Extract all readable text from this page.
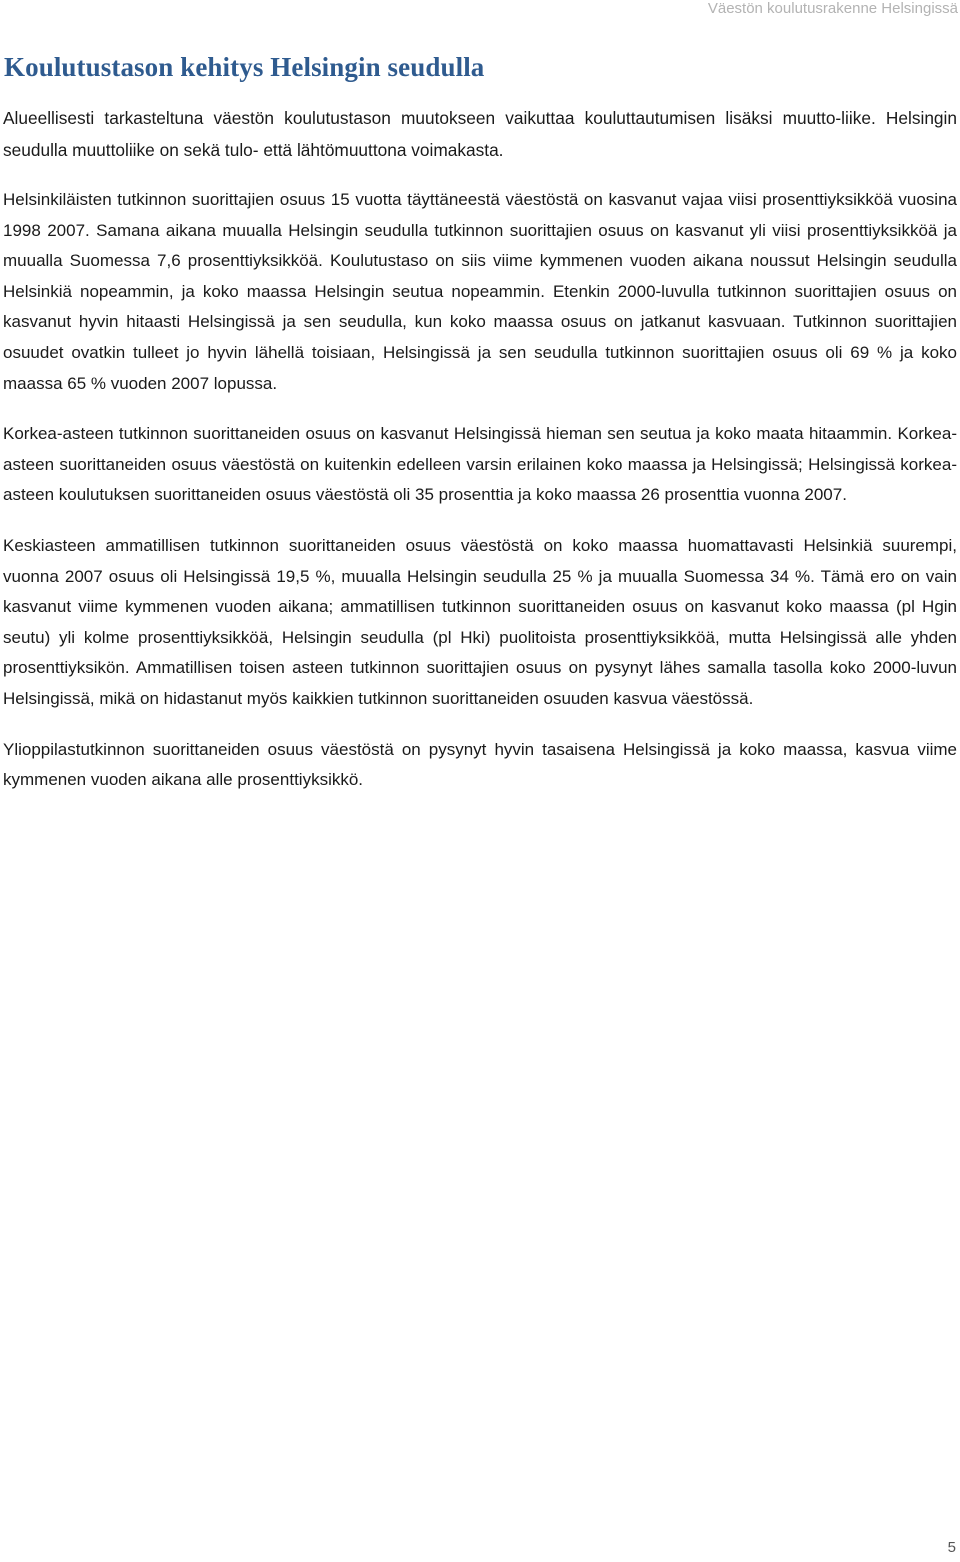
Väestön koulutusrakenne Helsingissä
Koulutustason kehitys Helsingin seudulla

Alueellisesti tarkasteltuna väestön koulutustason muutokseen vaikuttaa kouluttautumisen lisäksi muutto-liike. Helsingin seudulla muuttoliike on sekä tulo- että lähtömuuttona voimakasta.

Helsinkiläisten tutkinnon suorittajien osuus 15 vuotta täyttäneestä väestöstä on kasvanut vajaa viisi prosenttiyksikköä vuosina 1998 2007. Samana aikana muualla Helsingin seudulla tutkinnon suorittajien osuus on kasvanut yli viisi prosenttiyksikköä ja muualla Suomessa 7,6 prosenttiyksikköä. Koulutustaso on siis viime kymmenen vuoden aikana noussut Helsingin seudulla Helsinkiä nopeammin, ja koko maassa Helsingin seutua nopeammin. Etenkin 2000-luvulla tutkinnon suorittajien osuus on kasvanut hyvin hitaasti Helsingissä ja sen seudulla, kun koko maassa osuus on jatkanut kasvuaan. Tutkinnon suorittajien osuudet ovatkin tulleet jo hyvin lähellä toisiaan, Helsingissä ja sen seudulla tutkinnon suorittajien osuus oli 69 % ja koko maassa 65 % vuoden 2007 lopussa.

Korkea-asteen tutkinnon suorittaneiden osuus on kasvanut Helsingissä hieman sen seutua ja koko maata hitaammin. Korkea-asteen suorittaneiden osuus väestöstä on kuitenkin edelleen varsin erilainen koko maassa ja Helsingissä; Helsingissä korkea-asteen koulutuksen suorittaneiden osuus väestöstä oli 35 prosenttia ja koko maassa 26 prosenttia vuonna 2007.

Keskiasteen ammatillisen tutkinnon suorittaneiden osuus väestöstä on koko maassa huomattavasti Helsinkiä suurempi, vuonna 2007 osuus oli Helsingissä 19,5 %, muualla Helsingin seudulla 25 % ja muualla Suomessa 34 %. Tämä ero on vain kasvanut viime kymmenen vuoden aikana; ammatillisen tutkinnon suorittaneiden osuus on kasvanut koko maassa (pl Hgin seutu) yli kolme prosenttiyksikköä, Helsingin seudulla (pl Hki) puolitoista prosenttiyksikköä, mutta Helsingissä alle yhden prosenttiyksikön. Ammatillisen toisen asteen tutkinnon suorittajien osuus on pysynyt lähes samalla tasolla koko 2000-luvun Helsingissä, mikä on hidastanut myös kaikkien tutkinnon suorittaneiden osuuden kasvua väestössä.

Ylioppilastutkinnon suorittaneiden osuus väestöstä on pysynyt hyvin tasaisena Helsingissä ja koko maassa, kasvua viime kymmenen vuoden aikana alle prosenttiyksikkö.

5
